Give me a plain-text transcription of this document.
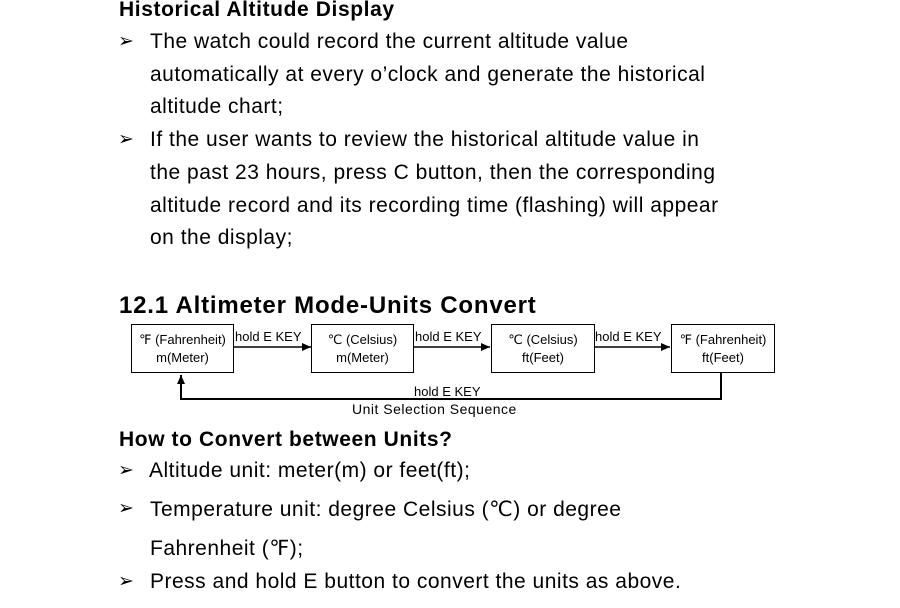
Historical Altitude Display
➢ The watch could record the current altitude value
automatically at every o’clock and generate the historical
altitude chart;
➢ If the user wants to review the historical altitude value in
the past 23 hours, press C button, then the corresponding
altitude record and its recording time (flashing) will appear
on the display;
12.1 Altimeter Mode-Units Convert
℉ (Fahrenheit)
m(Meter)
℃ (Celsius)
m(Meter)
℃ (Celsius)
ft(Feet)
℉ (Fahrenheit)
ft(Feet)
hold E KEY	hold E KEY	hold E KEY
hold E KEY
Unit Selection Sequence
How to Convert between Units?
➢ Altitude unit: meter(m) or feet(ft);
➢ Temperature unit: degree Celsius (℃) or degree
Fahrenheit (℉);
➢ Press and hold E button to convert the units as above.
